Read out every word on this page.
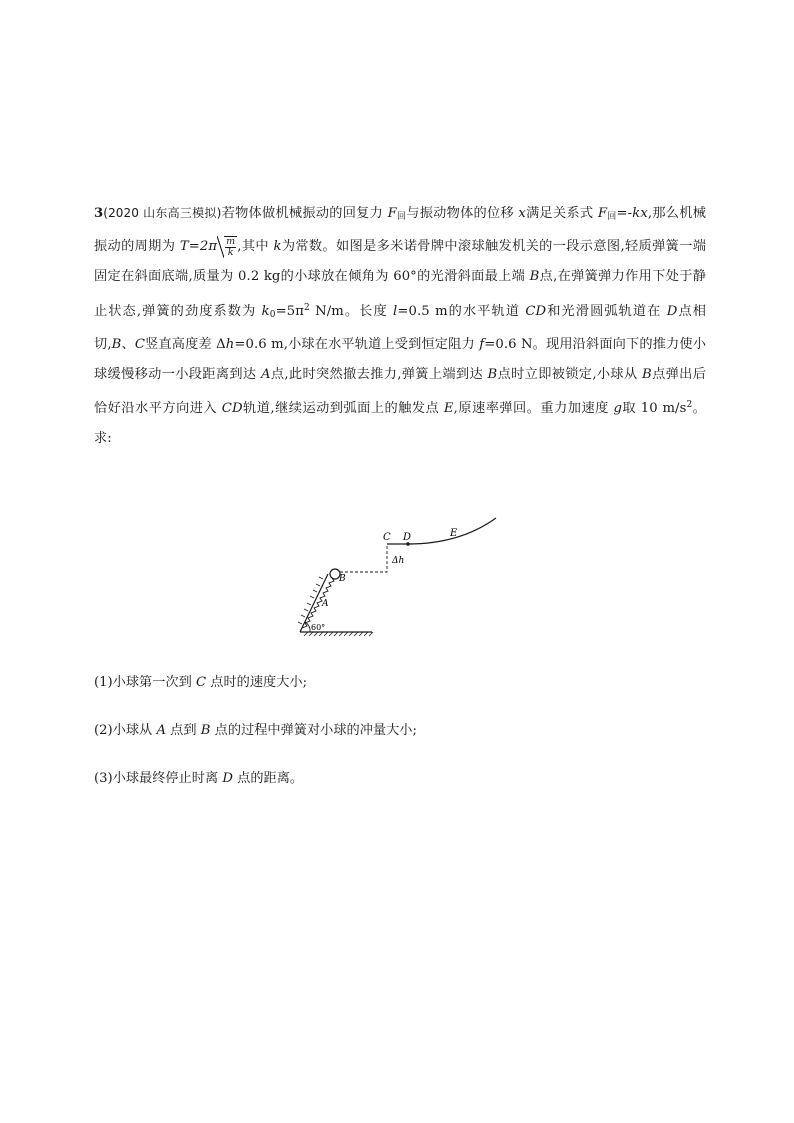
3(2020 山东高三模拟)若物体做机械振动的回复力 $F_回$与振动物体的位移 x满足关系式 $F_回=-kx$,那么机械振动的周期为 $T=2\pi \frac{m}{k}$ ,其中 k为常数。如图是多米诺骨牌中滚球触发机关的一段示意图,轻质弹簧一端固定在斜面底端,质量为 0.2 kg的小球放在倾角为 60°的光滑斜面最上端 B点,在弹簧弹力作用下处于静止状态,弹簧的劲度系数为 $k_0=5\pi^2$ N/m。长度 l=0.5 m的水平轨道 CD和光滑圆弧轨道在 D点相切,B、C竖直高度差 Δh=0.6 m,小球在水平轨道上受到恒定阻力 f=0.6 N。现用沿斜面向下的推力使小球缓慢移动一小段距离到达 A点,此时突然撤去推力,弹簧上端到达 B点时立即被锁定,小球从 B点弹出后恰好沿水平方向进入 CD轨道,继续运动到弧面上的触发点 E,原速率弹回。重力加速度 g取 10 $m/s^2$。求:

C D	E
Δh
B
A
60°
(1)小球第一次到 C 点时的速度大小;
(2)小球从 A 点到 B 点的过程中弹簧对小球的冲量大小;
(3)小球最终停止时离 D 点的距离。
